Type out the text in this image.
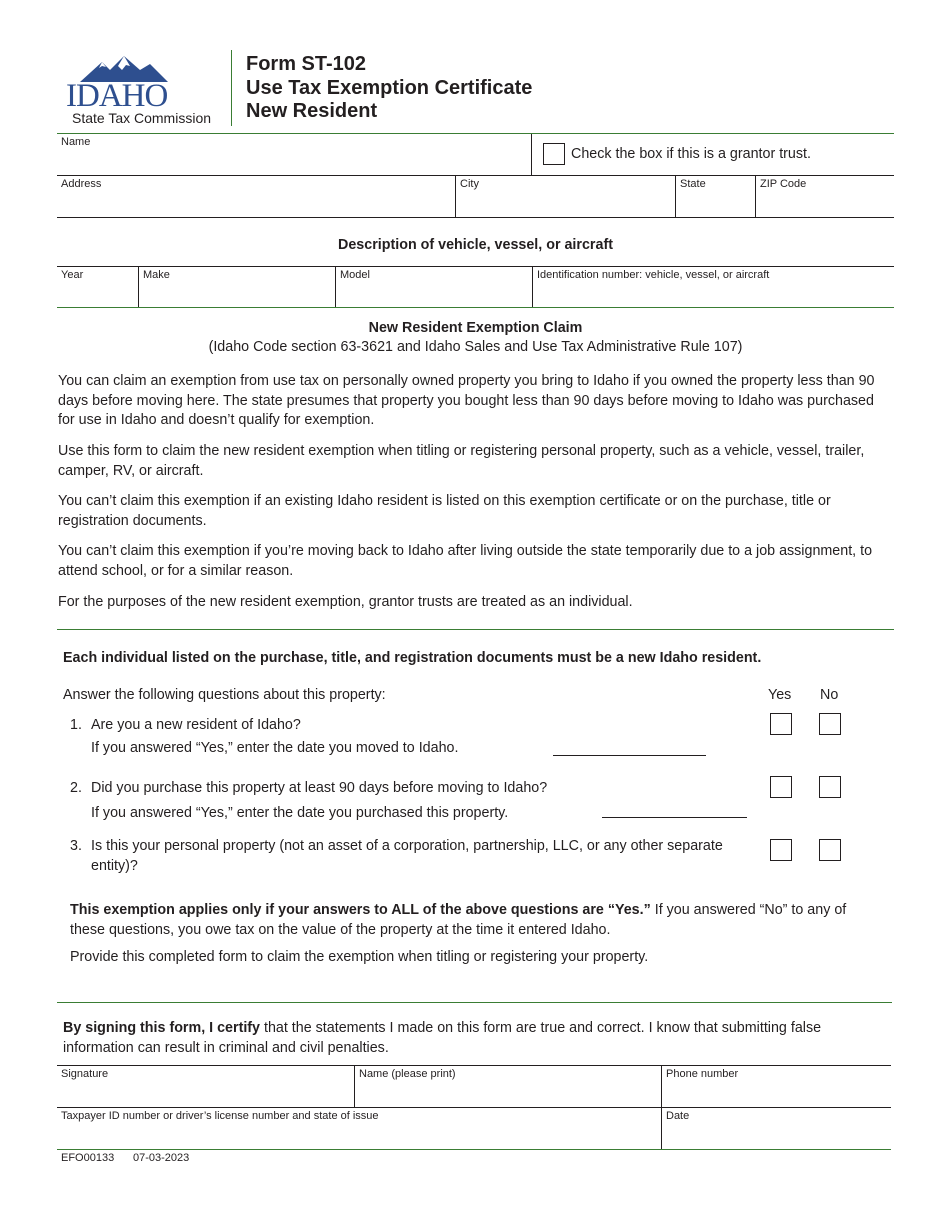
IDAHO
State Tax Commission
Form ST-102
Use Tax Exemption Certificate
New Resident
Name
Check the box if this is a grantor trust.
Address	City	State	ZIP Code
Description of vehicle, vessel, or aircraft
Year	Make	Model	Identification number: vehicle, vessel, or aircraft
New Resident Exemption Claim
(Idaho Code section 63-3621 and Idaho Sales and Use Tax Administrative Rule 107)
You can claim an exemption from use tax on personally owned property you bring to Idaho if you owned the property less than 90 days before moving here. The state presumes that property you bought less than 90 days before moving to Idaho was purchased for use in Idaho and doesn’t qualify for exemption.
Use this form to claim the new resident exemption when titling or registering personal property, such as a vehicle, vessel, trailer, camper, RV, or aircraft.
You can’t claim this exemption if an existing Idaho resident is listed on this exemption certificate or on the purchase, title or registration documents.
You can’t claim this exemption if you’re moving back to Idaho after living outside the state temporarily due to a job assignment, to attend school, or for a similar reason.
For the purposes of the new resident exemption, grantor trusts are treated as an individual.
Each individual listed on the purchase, title, and registration documents must be a new Idaho resident.
Answer the following questions about this property:	Yes No
1. Are you a new resident of Idaho?
If you answered “Yes,” enter the date you moved to Idaho.
2. Did you purchase this property at least 90 days before moving to Idaho?
If you answered “Yes,” enter the date you purchased this property.
3. Is this your personal property (not an asset of a corporation, partnership, LLC, or any other separate entity)?
This exemption applies only if your answers to ALL of the above questions are “Yes.” If you answered “No” to any of these questions, you owe tax on the value of the property at the time it entered Idaho.
Provide this completed form to claim the exemption when titling or registering your property.
By signing this form, I certify that the statements I made on this form are true and correct. I know that submitting false information can result in criminal and civil penalties.
Signature	Name (please print)	Phone number
Taxpayer ID number or driver’s license number and state of issue	Date
EFO00133 07-03-2023
